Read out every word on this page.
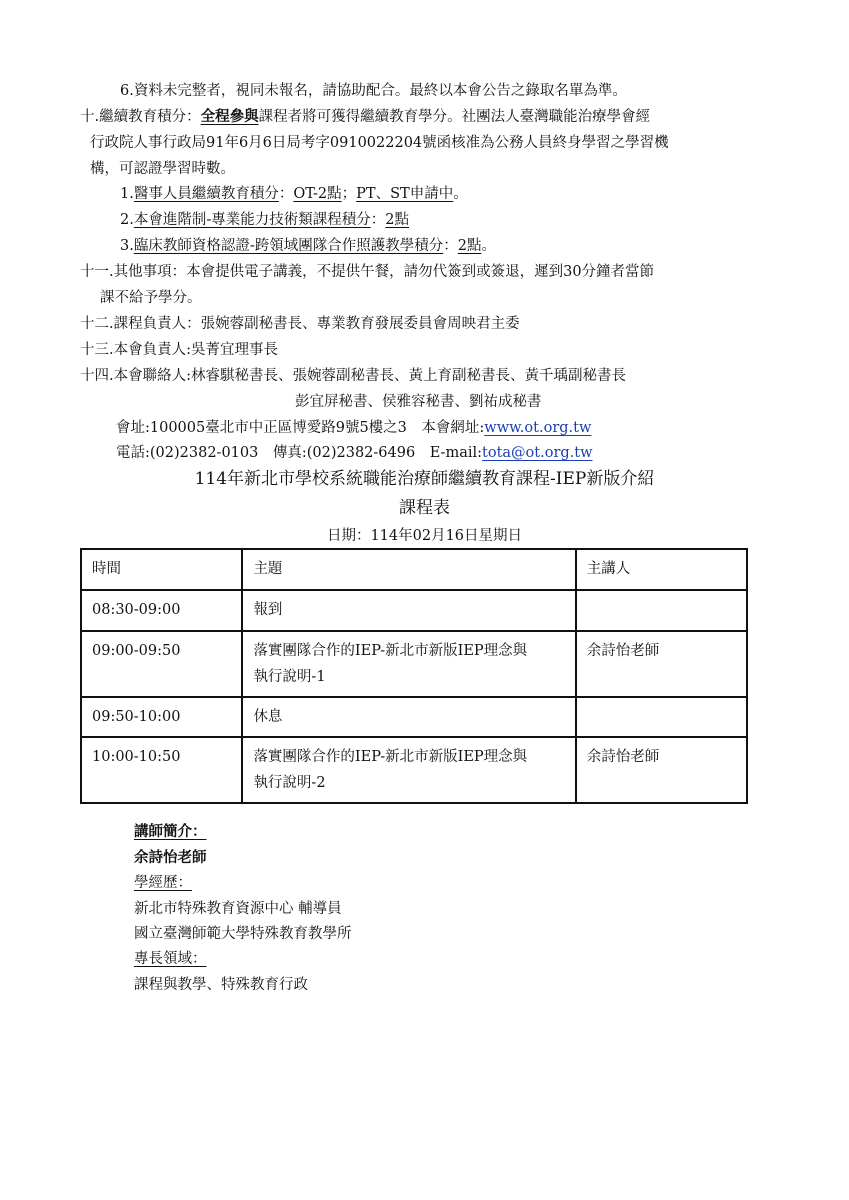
6.資料未完整者，視同未報名，請協助配合。最終以本會公告之錄取名單為準。
十.繼續教育積分：全程參與課程者將可獲得繼續教育學分。社團法人臺灣職能治療學會經
行政院人事行政局91年6月6日局考字0910022204號函核准為公務人員終身學習之學習機
構，可認證學習時數。
1.醫事人員繼續教育積分：OT-2點；PT、ST申請中。
2.本會進階制-專業能力技術類課程積分：2點
3.臨床教師資格認證-跨領域團隊合作照護教學積分：2點。
十一.其他事項：本會提供電子講義，不提供午餐，請勿代簽到或簽退，遲到30分鐘者當節
課不給予學分。
十二.課程負責人：張婉蓉副秘書長、專業教育發展委員會周映君主委
十三.本會負責人:吳菁宜理事長
十四.本會聯絡人:林睿騏秘書長、張婉蓉副秘書長、黃上育副秘書長、黃千瑀副秘書長
彭宜屏秘書、侯雅容秘書、劉祐成秘書
會址:100005臺北市中正區博愛路9號5樓之3　本會網址:www.ot.org.tw
電話:(02)2382-0103　傳真:(02)2382-6496　E-mail:tota@ot.org.tw
114年新北市學校系統職能治療師繼續教育課程-IEP新版介紹
課程表
日期：114年02月16日星期日
時間	主題	主講人
08:30-09:00	報到	
09:00-09:50	落實團隊合作的IEP-新北市新版IEP理念與
執行說明-1	余詩怡老師
09:50-10:00	休息	
10:00-10:50	落實團隊合作的IEP-新北市新版IEP理念與
執行說明-2	余詩怡老師
講師簡介：
余詩怡老師
學經歷：
新北市特殊教育資源中心 輔導員
國立臺灣師範大學特殊教育教學所
專長領域：
課程與教學、特殊教育行政
